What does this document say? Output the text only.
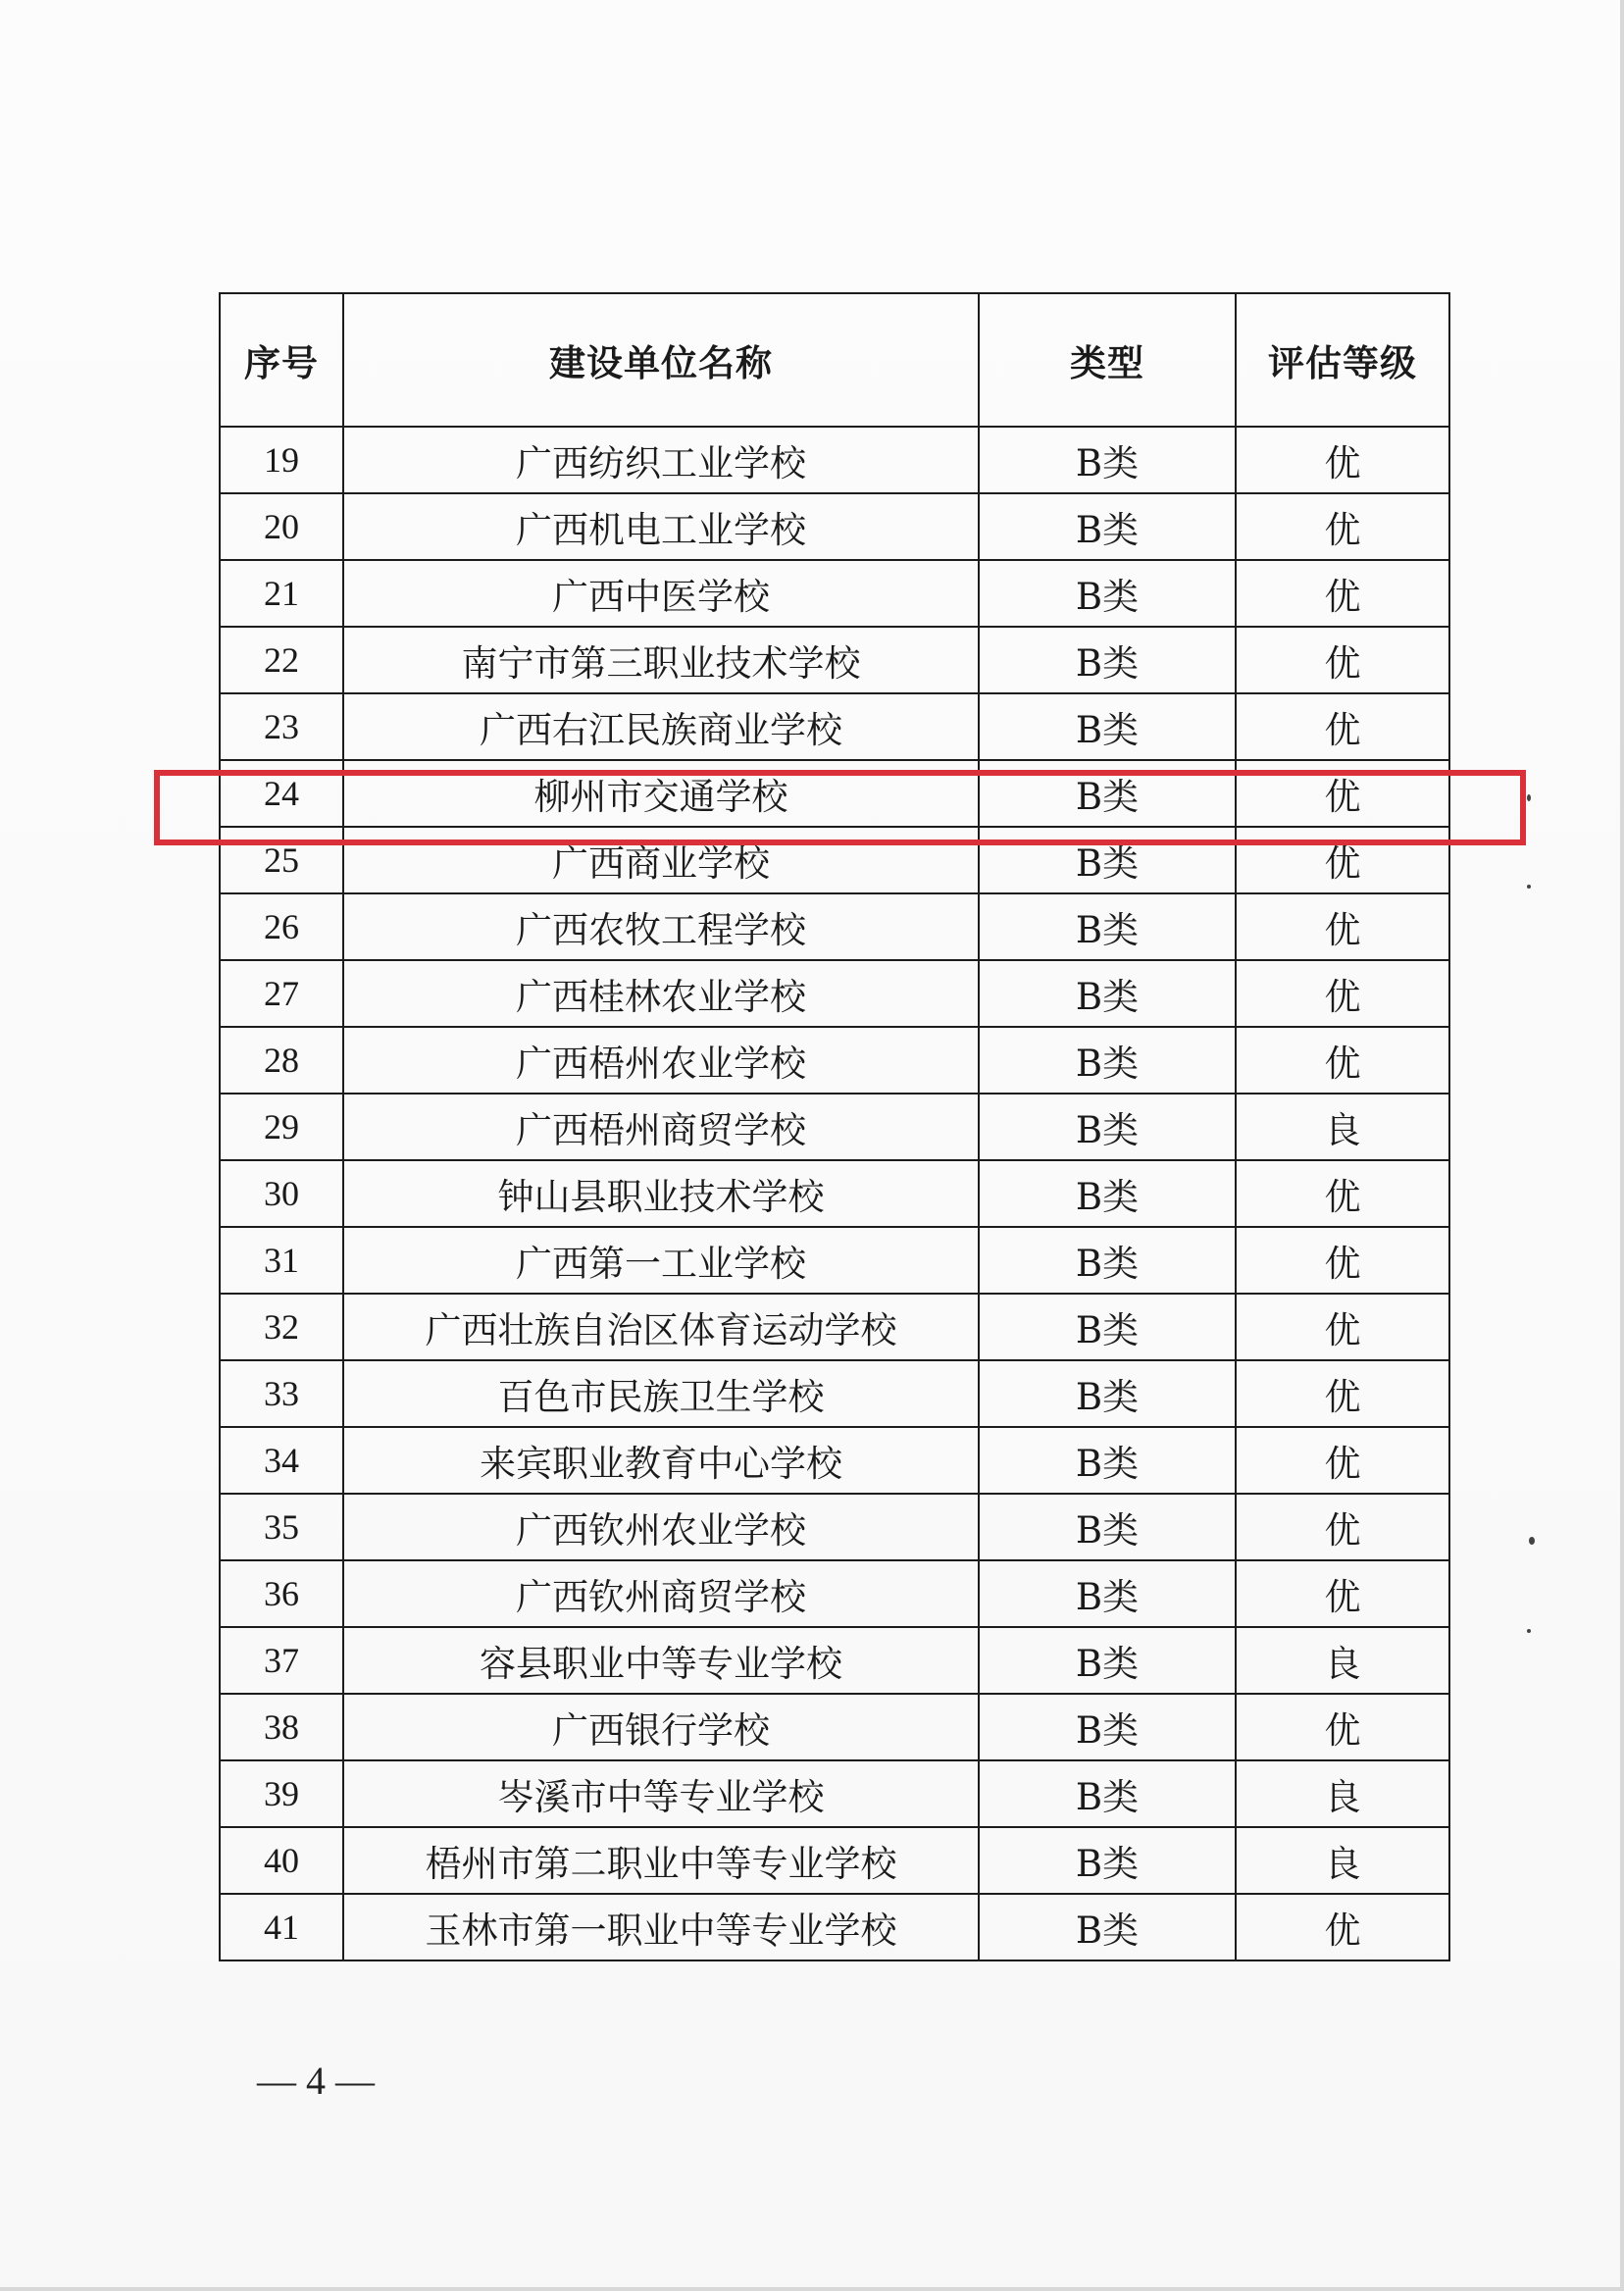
序号	建设单位名称	类型	评估等级
19	广西纺织工业学校	B类	优
20	广西机电工业学校	B类	优
21	广西中医学校	B类	优
22	南宁市第三职业技术学校	B类	优
23	广西右江民族商业学校	B类	优
24	柳州市交通学校	B类	优
25	广西商业学校	B类	优
26	广西农牧工程学校	B类	优
27	广西桂林农业学校	B类	优
28	广西梧州农业学校	B类	优
29	广西梧州商贸学校	B类	良
30	钟山县职业技术学校	B类	优
31	广西第一工业学校	B类	优
32	广西壮族自治区体育运动学校	B类	优
33	百色市民族卫生学校	B类	优
34	来宾职业教育中心学校	B类	优
35	广西钦州农业学校	B类	优
36	广西钦州商贸学校	B类	优
37	容县职业中等专业学校	B类	良
38	广西银行学校	B类	优
39	岑溪市中等专业学校	B类	良
40	梧州市第二职业中等专业学校	B类	良
41	玉林市第一职业中等专业学校	B类	优
— 4 —
